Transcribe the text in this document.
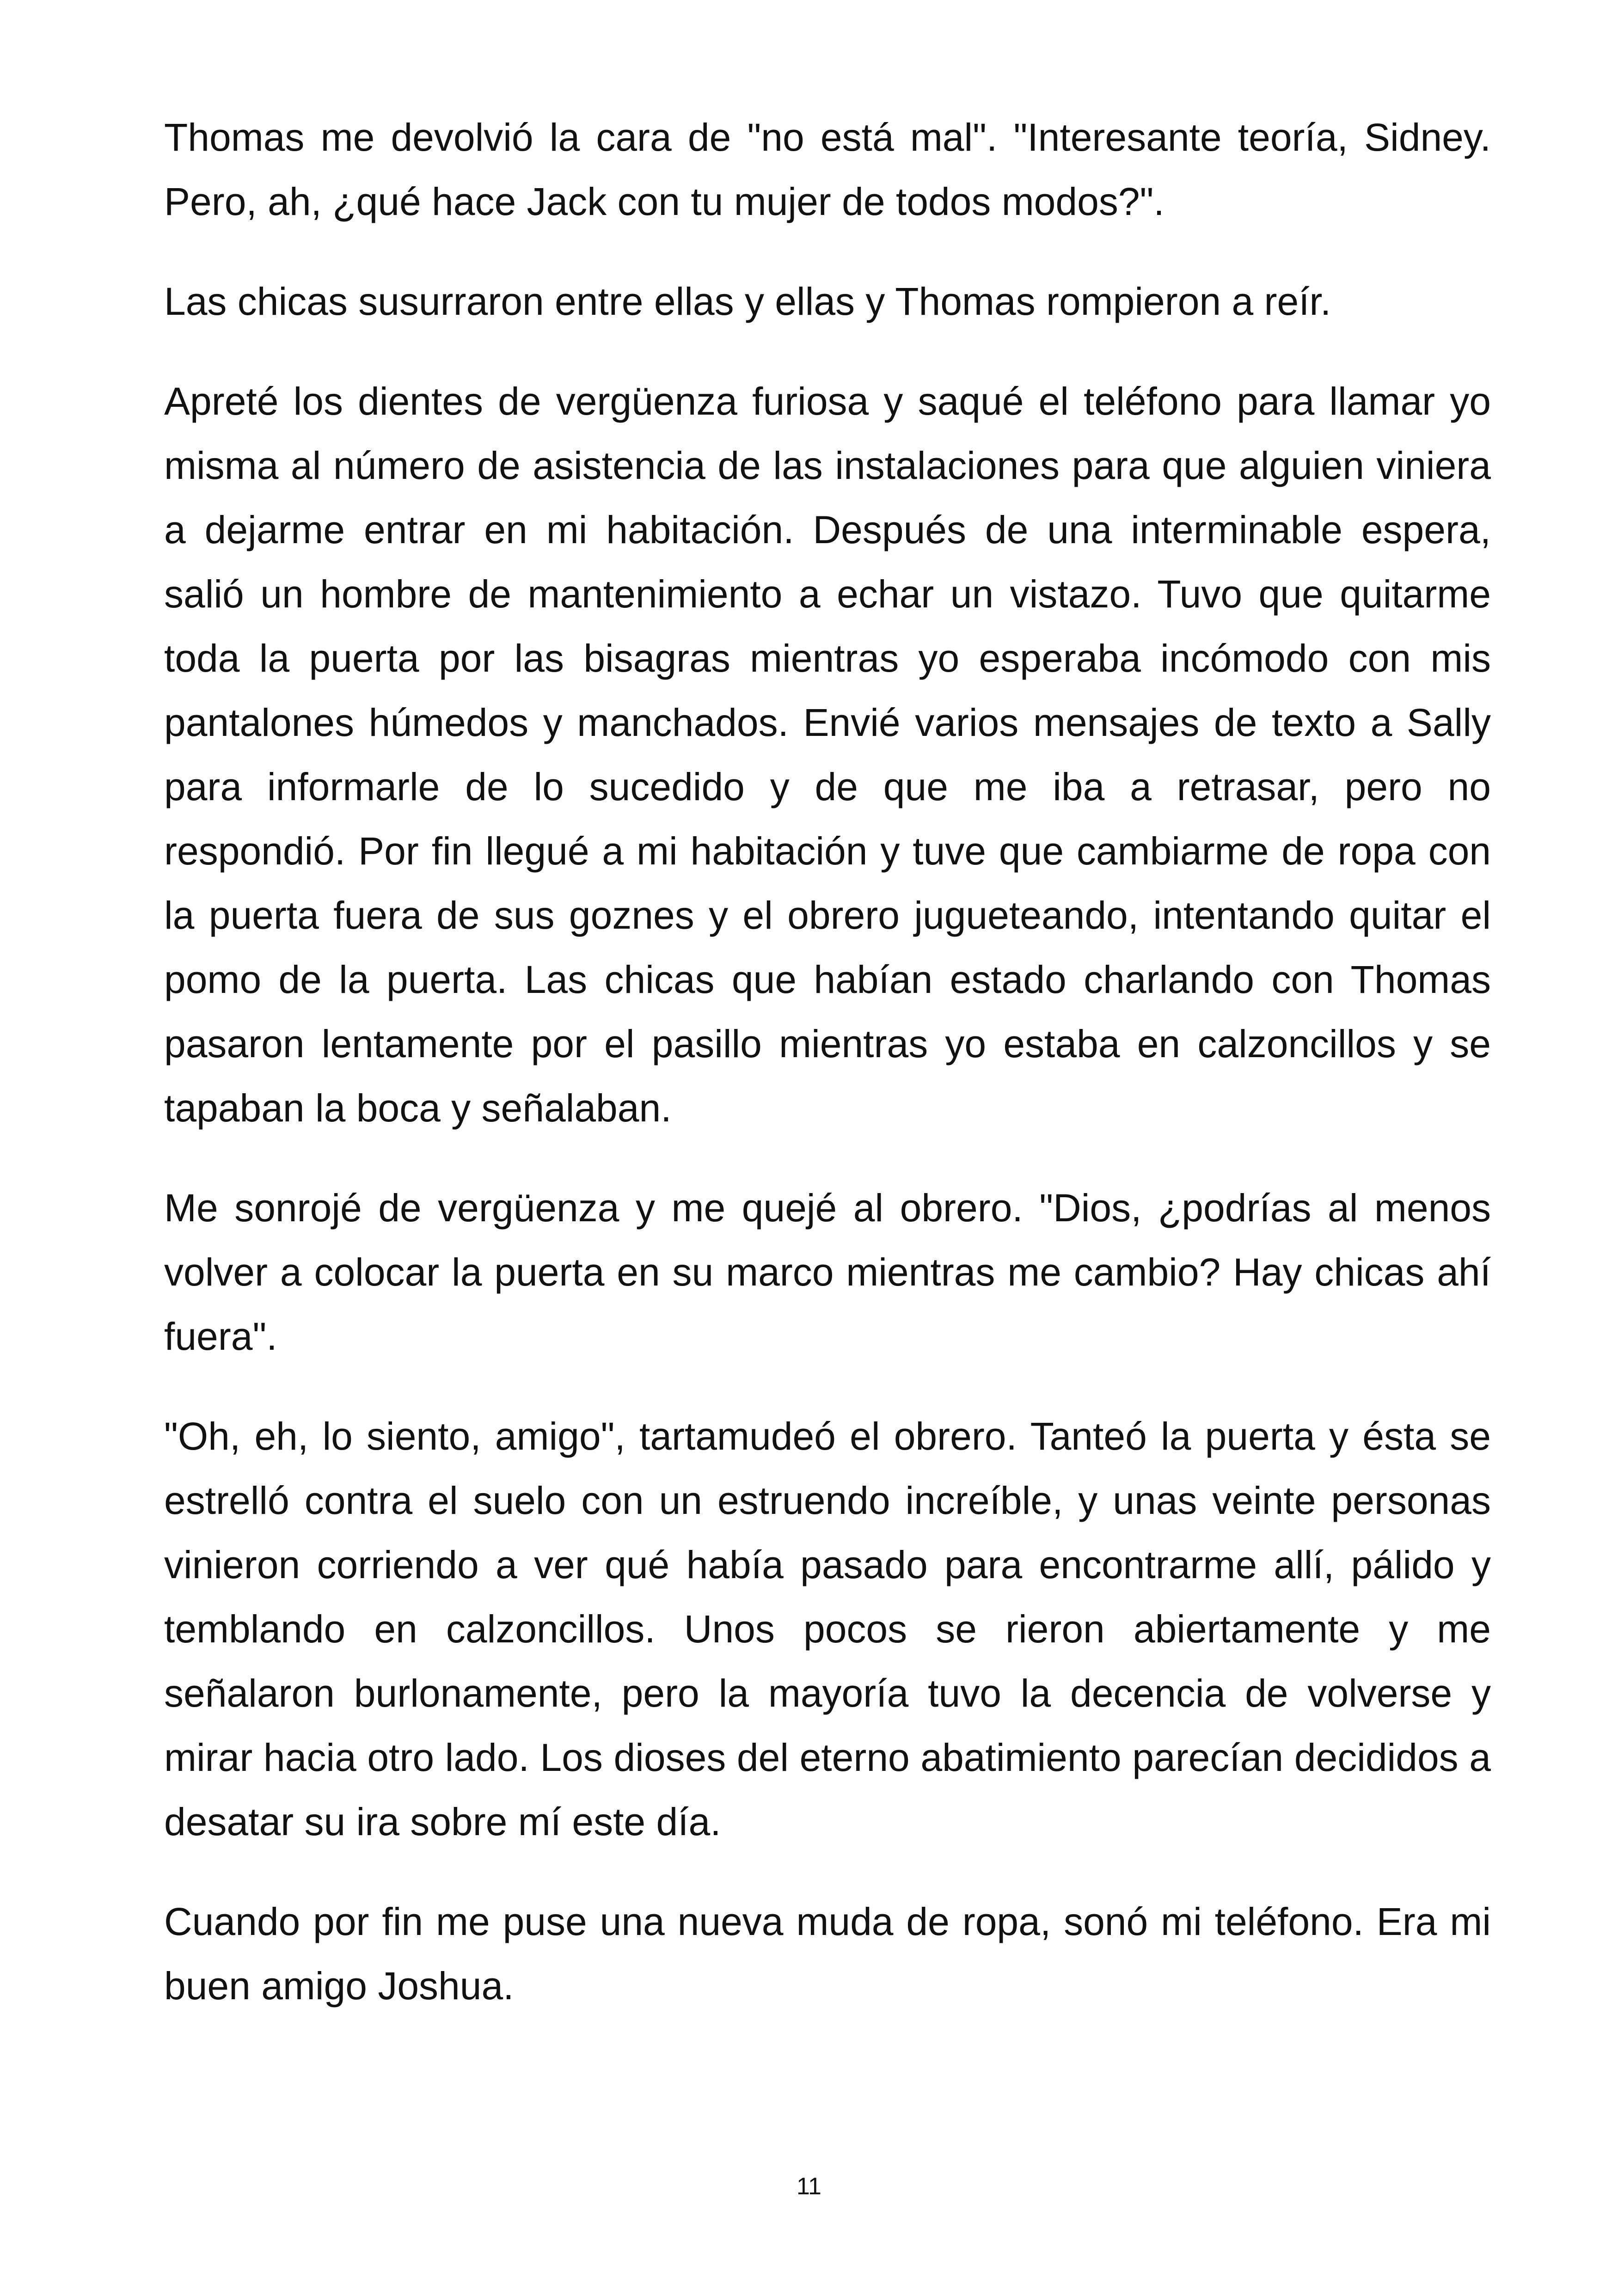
Thomas me devolvió la cara de "no está mal". "Interesante teoría, Sidney. Pero, ah, ¿qué hace Jack con tu mujer de todos modos?".

Las chicas susurraron entre ellas y ellas y Thomas rompieron a reír.

Apreté los dientes de vergüenza furiosa y saqué el teléfono para llamar yo misma al número de asistencia de las instalaciones para que alguien viniera a dejarme entrar en mi habitación. Después de una interminable espera, salió un hombre de mantenimiento a echar un vistazo. Tuvo que quitarme toda la puerta por las bisagras mientras yo esperaba incómodo con mis pantalones húmedos y manchados. Envié varios mensajes de texto a Sally para informarle de lo sucedido y de que me iba a retrasar, pero no respondió. Por fin llegué a mi habitación y tuve que cambiarme de ropa con la puerta fuera de sus goznes y el obrero jugueteando, intentando quitar el pomo de la puerta. Las chicas que habían estado charlando con Thomas pasaron lentamente por el pasillo mientras yo estaba en calzoncillos y se tapaban la boca y señalaban.

Me sonrojé de vergüenza y me quejé al obrero. "Dios, ¿podrías al menos volver a colocar la puerta en su marco mientras me cambio? Hay chicas ahí fuera".

"Oh, eh, lo siento, amigo", tartamudeó el obrero. Tanteó la puerta y ésta se estrelló contra el suelo con un estruendo increíble, y unas veinte personas vinieron corriendo a ver qué había pasado para encontrarme allí, pálido y temblando en calzoncillos. Unos pocos se rieron abiertamente y me señalaron burlonamente, pero la mayoría tuvo la decencia de volverse y mirar hacia otro lado. Los dioses del eterno abatimiento parecían decididos a desatar su ira sobre mí este día.

Cuando por fin me puse una nueva muda de ropa, sonó mi teléfono. Era mi buen amigo Joshua.

11
